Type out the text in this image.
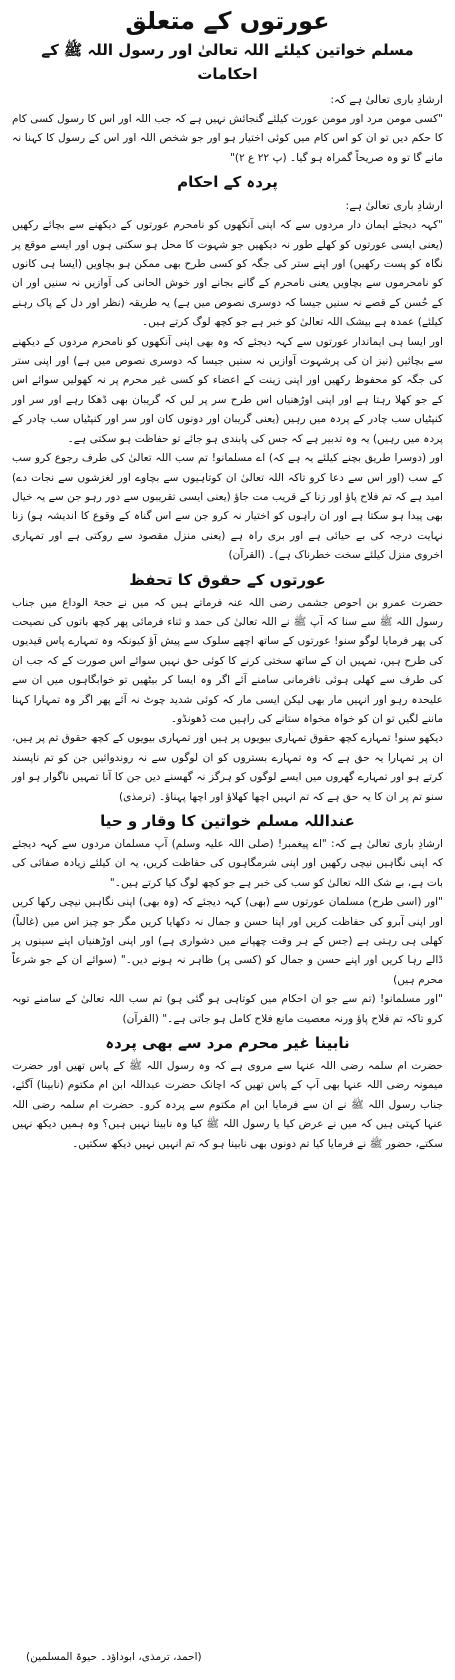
عورتوں کے متعلق
مسلم خواتین کیلئے اللہ تعالیٰ اور رسول اللہ ﷺ کے احکامات

ارشادِ باری تعالیٰ ہے کہ:

"کسی مومن مرد اور مومن عورت کیلئے گنجائش نہیں ہے کہ جب اللہ اور اس کا رسول کسی کام کا حکم دیں تو ان کو اس کام میں کوئی اختیار ہو اور جو شخص اللہ اور اس کے رسول کا کہنا نہ مانے گا تو وہ صریحاً گمراہ ہو گیا۔ (پ ۲۲ ع ۲)"

پردہ کے احکام

ارشادِ باری تعالیٰ ہے:

"کہہ دیجئے ایمان دار مردوں سے کہ اپنی آنکھوں کو نامحرم عورتوں کے دیکھنے سے بچائے رکھیں (یعنی ایسی عورتوں کو کھلے طور نہ دیکھیں جو شہوت کا محل ہو سکتی ہوں اور ایسے موقع پر نگاہ کو پست رکھیں) اور اپنے ستر کی جگہ کو کسی طرح بھی ممکن ہو بچاویں (ایسا ہی کانوں کو نامحرموں سے بچاویں یعنی نامحرم کے گانے بجانے اور خوش الحانی کی آوازیں نہ سنیں اور ان کے حُسن کے قصے نہ سنیں جیسا کہ دوسری نصوص میں ہے) یہ طریقہ (نظر اور دل کے پاک رہنے کیلئے) عمدہ ہے بیشک اللہ تعالیٰ کو خبر ہے جو کچھ لوگ کرتے ہیں۔

اور ایسا ہی ایماندار عورتوں سے کہہ دیجئے کہ وہ بھی اپنی آنکھوں کو نامحرم مردوں کے دیکھنے سے بچائیں (نیز ان کی پرشہوت آوازیں نہ سنیں جیسا کہ دوسری نصوص میں ہے) اور اپنی ستر کی جگہ کو محفوظ رکھیں اور اپنی زینت کے اعضاء کو کسی غیر محرم پر نہ کھولیں سوائے اس کے جو کھلا رہتا ہے اور اپنی اوڑھنیاں اس طرح سر پر لیں کہ گریبان بھی ڈھکا رہے اور سر اور کنپٹیاں سب چادر کے پردہ میں رہیں (یعنی گریبان اور دونوں کان اور سر اور کنپٹیاں سب چادر کے پردہ میں رہیں) یہ وہ تدبیر ہے کہ جس کی پابندی ہو جائے تو حفاظت ہو سکتی ہے۔

اور (دوسرا طریق بچنے کیلئے یہ ہے کہ) اے مسلمانو! تم سب اللہ تعالیٰ کی طرف رجوع کرو سب کے سب (اور اس سے دعا کرو تاکہ اللہ تعالیٰ ان کوتاہیوں سے بچاوے اور لغزشوں سے نجات دے) امید ہے کہ تم فلاح پاؤ اور زنا کے قریب مت جاؤ (یعنی ایسی تقریبوں سے دور رہو جن سے یہ خیال بھی پیدا ہو سکتا ہے اور ان راہوں کو اختیار نہ کرو جن سے اس گناہ کے وقوع کا اندیشہ ہو) زنا نہایت درجہ کی بے حیائی ہے اور بری راہ ہے (یعنی منزل مقصود سے روکتی ہے اور تمہاری اخروی منزل کیلئے سخت خطرناک ہے)۔ (القرآن)

عورتوں کے حقوق کا تحفظ

حضرت عمرو بن احوص جشمی رضی اللہ عنہ فرماتے ہیں کہ میں نے حجۃ الوداع میں جناب رسول اللہ ﷺ سے سنا کہ آپ ﷺ نے اللہ تعالیٰ کی حمد و ثناء فرمائی پھر کچھ باتوں کی نصیحت کی پھر فرمایا لوگو سنو! عورتوں کے ساتھ اچھے سلوک سے پیش آؤ کیونکہ وہ تمہارے پاس قیدیوں کی طرح ہیں، تمہیں ان کے ساتھ سختی کرنے کا کوئی حق نہیں سوائے اس صورت کے کہ جب ان کی طرف سے کھلی ہوئی نافرمانی سامنے آئے اگر وہ ایسا کر بیٹھیں تو خوابگاہوں میں ان سے علیحدہ رہو اور انہیں مار بھی لیکن ایسی مار کہ کوئی شدید چوٹ نہ آئے پھر اگر وہ تمہارا کہنا ماننے لگیں تو ان کو خواہ مخواہ ستانے کی راہیں مت ڈھونڈو۔

دیکھو سنو! تمہارے کچھ حقوق تمہاری بیویوں پر ہیں اور تمہاری بیویوں کے کچھ حقوق تم پر ہیں، ان پر تمہارا یہ حق ہے کہ وہ تمہارے بستروں کو ان لوگوں سے نہ روندوائیں جن کو تم ناپسند کرتے ہو اور تمہارے گھروں میں ایسے لوگوں کو ہرگز نہ گھسنے دیں جن کا آنا تمہیں ناگوار ہو اور سنو تم پر ان کا یہ حق ہے کہ تم انہیں اچھا کھلاؤ اور اچھا پہناؤ۔ (ترمذی)

عنداللہ مسلم خواتین کا وقار و حیا

ارشادِ باری تعالیٰ ہے کہ: "اے پیغمبر! (صلی اللہ علیہ وسلم) آپ مسلمان مردوں سے کہہ دیجئے کہ اپنی نگاہیں نیچی رکھیں اور اپنی شرمگاہوں کی حفاظت کریں، یہ ان کیلئے زیادہ صفائی کی بات ہے، بے شک اللہ تعالیٰ کو سب کی خبر ہے جو کچھ لوگ کیا کرتے ہیں۔"

"اور (اسی طرح) مسلمان عورتوں سے (بھی) کہہ دیجئے کہ (وہ بھی) اپنی نگاہیں نیچی رکھا کریں اور اپنی آبرو کی حفاظت کریں اور اپنا حسن و جمال نہ دکھایا کریں مگر جو چیز اس میں (غالباً) کھلی ہی رہتی ہے (جس کے ہر وقت چھپانے میں دشواری ہے) اور اپنی اوڑھنیاں اپنے سینوں پر ڈالے رہا کریں اور اپنے حسن و جمال کو (کسی پر) ظاہر نہ ہونے دیں۔" (سوائے ان کے جو شرعاً محرم ہیں)

"اور مسلمانو! (تم سے جو ان احکام میں کوتاہی ہو گئی ہو) تم سب اللہ تعالیٰ کے سامنے توبہ کرو تاکہ تم فلاح پاؤ ورنہ معصیت مانع فلاح کامل ہو جاتی ہے۔" (القرآن)

نابینا غیر محرم مرد سے بھی پردہ

حضرت ام سلمہ رضی اللہ عنہا سے مروی ہے کہ وہ رسول اللہ ﷺ کے پاس تھیں اور حضرت میمونہ رضی اللہ عنہا بھی آپ کے پاس تھیں کہ اچانک حضرت عبداللہ ابن ام مکتوم (نابینا) آگئے، جناب رسول اللہ ﷺ نے ان سے فرمایا ابن ام مکتوم سے پردہ کرو۔ حضرت ام سلمہ رضی اللہ عنہا کہتی ہیں کہ میں نے عرض کیا یا رسول اللہ ﷺ کیا وہ نابینا نہیں ہیں؟ وہ ہمیں دیکھ نہیں سکتے، حضور ﷺ نے فرمایا کیا تم دونوں بھی نابینا ہو کہ تم انہیں نہیں دیکھ سکتیں۔

(احمد، ترمذی، ابوداؤد۔ حیوۃ المسلمین)
